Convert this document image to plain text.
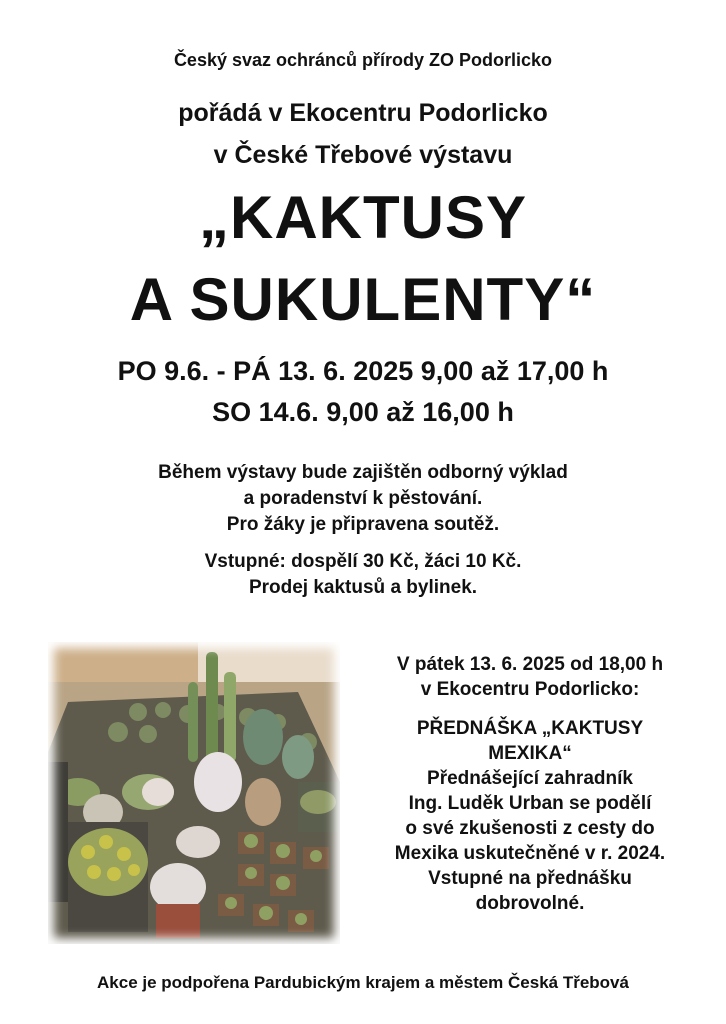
Český svaz ochránců přírody ZO Podorlicko

pořádá v Ekocentru Podorlicko

v České Třebové výstavu

„KAKTUSY

A SUKULENTY“

PO 9.6. - PÁ 13. 6. 2025 9,00 až 17,00 h

SO 14.6. 9,00 až 16,00 h

Během výstavy bude zajištěn odborný výklad
a poradenství k pěstování.
Pro žáky je připravena soutěž.
Vstupné: dospělí 30 Kč, žáci 10 Kč.
Prodej kaktusů a bylinek.

V pátek 13. 6. 2025 od 18,00 h

v Ekocentru Podorlicko:

PŘEDNÁŠKA „KAKTUSY

MEXIKA“

Přednášející zahradník

Ing. Luděk Urban se podělí

o své zkušenosti z cesty do

Mexika uskutečněné v r. 2024.

Vstupné na přednášku

dobrovolné.

Akce je podpořena Pardubickým krajem a městem Česká Třebová
